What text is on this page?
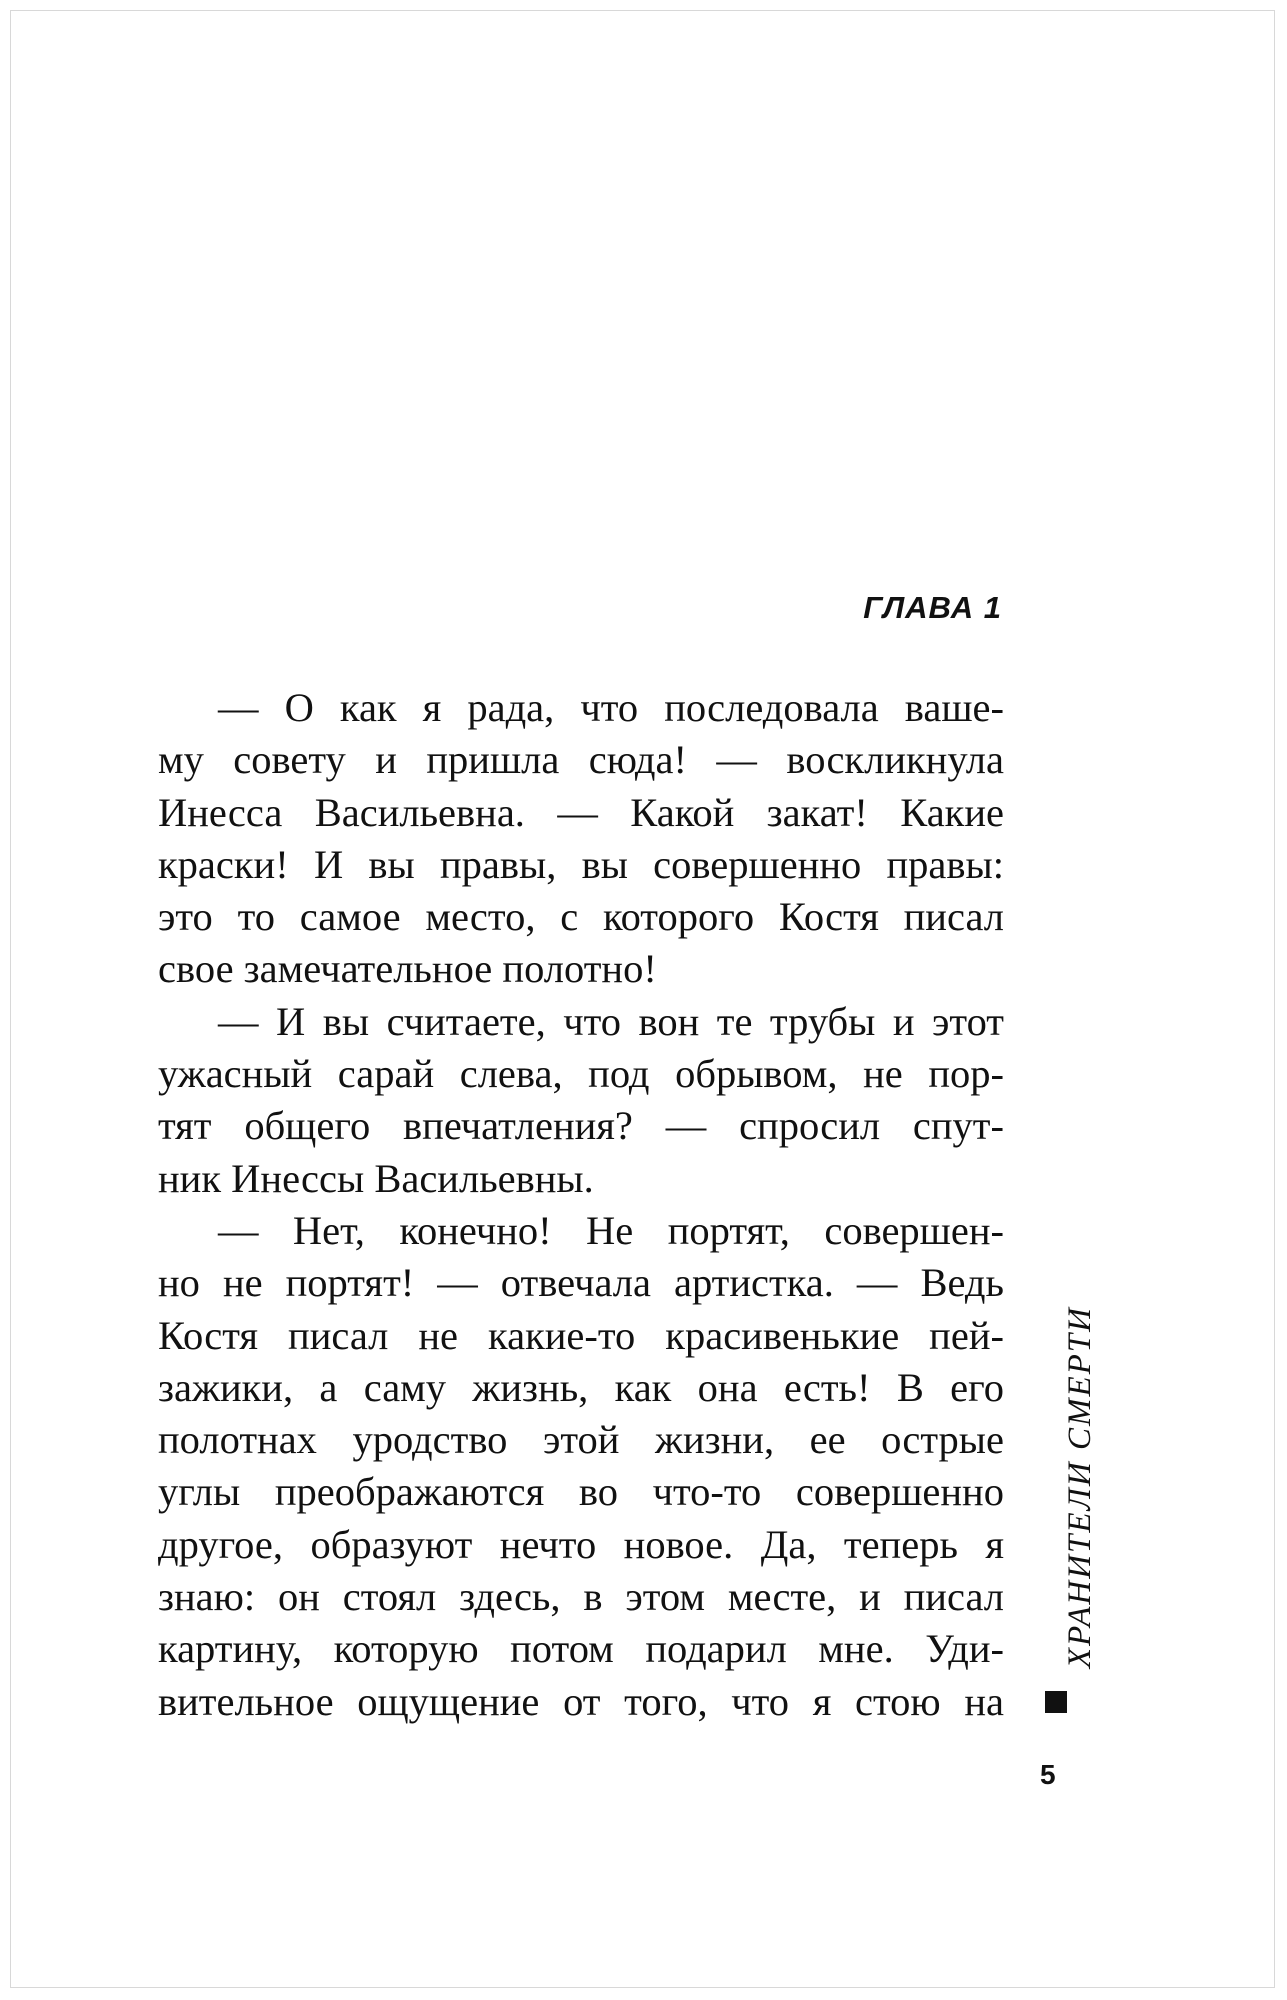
ГЛАВА 1
— О как я рада, что последовала ваше-
му совету и пришла сюда! — воскликнула
Инесса Васильевна. — Какой закат! Какие
краски! И вы правы, вы совершенно правы:
это то самое место, с которого Костя писал
свое замечательное полотно!
— И вы считаете, что вон те трубы и этот
ужасный сарай слева, под обрывом, не пор-
тят общего впечатления? — спросил спут-
ник Инессы Васильевны.
— Нет, конечно! Не портят, совершен-
но не портят! — отвечала артистка. — Ведь
Костя писал не какие-то красивенькие пей-
зажики, а саму жизнь, как она есть! В его
полотнах уродство этой жизни, ее острые
углы преображаются во что-то совершенно
другое, образуют нечто новое. Да, теперь я
знаю: он стоял здесь, в этом месте, и писал
картину, которую потом подарил мне. Уди-
вительное ощущение от того, что я стою на
ХРАНИТЕЛИ СМЕРТИ
5
